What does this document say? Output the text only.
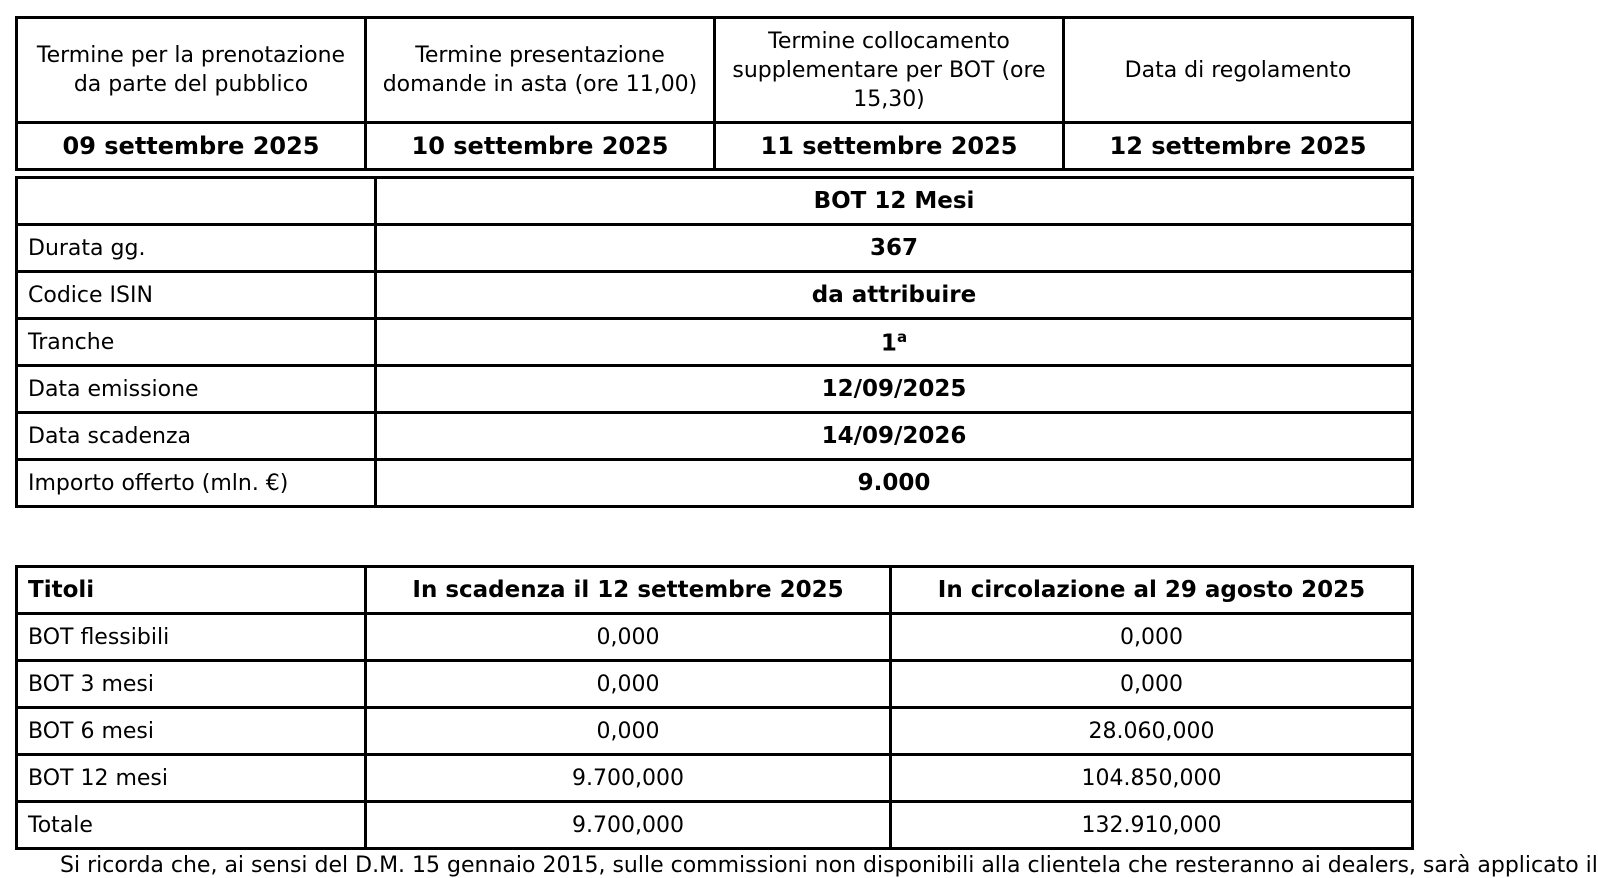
Termine per la prenotazione da parte del pubblico	Termine presentazione domande in asta (ore 11,00)	Termine collocamento supplementare per BOT (ore 15,30)	Data di regolamento
09 settembre 2025	10 settembre 2025	11 settembre 2025	12 settembre 2025
	BOT 12 Mesi
Durata gg.	367
Codice ISIN	da attribuire
Tranche	1$^a$
Data emissione	12/09/2025
Data scadenza	14/09/2026
Importo offerto (mln. €)	9.000
Titoli	In scadenza il 12 settembre 2025	In circolazione al 29 agosto 2025
BOT flessibili	0,000	0,000
BOT 3 mesi	0,000	0,000
BOT 6 mesi	0,000	28.060,000
BOT 12 mesi	9.700,000	104.850,000
Totale	9.700,000	132.910,000
Si ricorda che, ai sensi del D.M. 15 gennaio 2015, sulle commissioni non disponibili alla clientela che resteranno ai dealers, sarà applicato il
